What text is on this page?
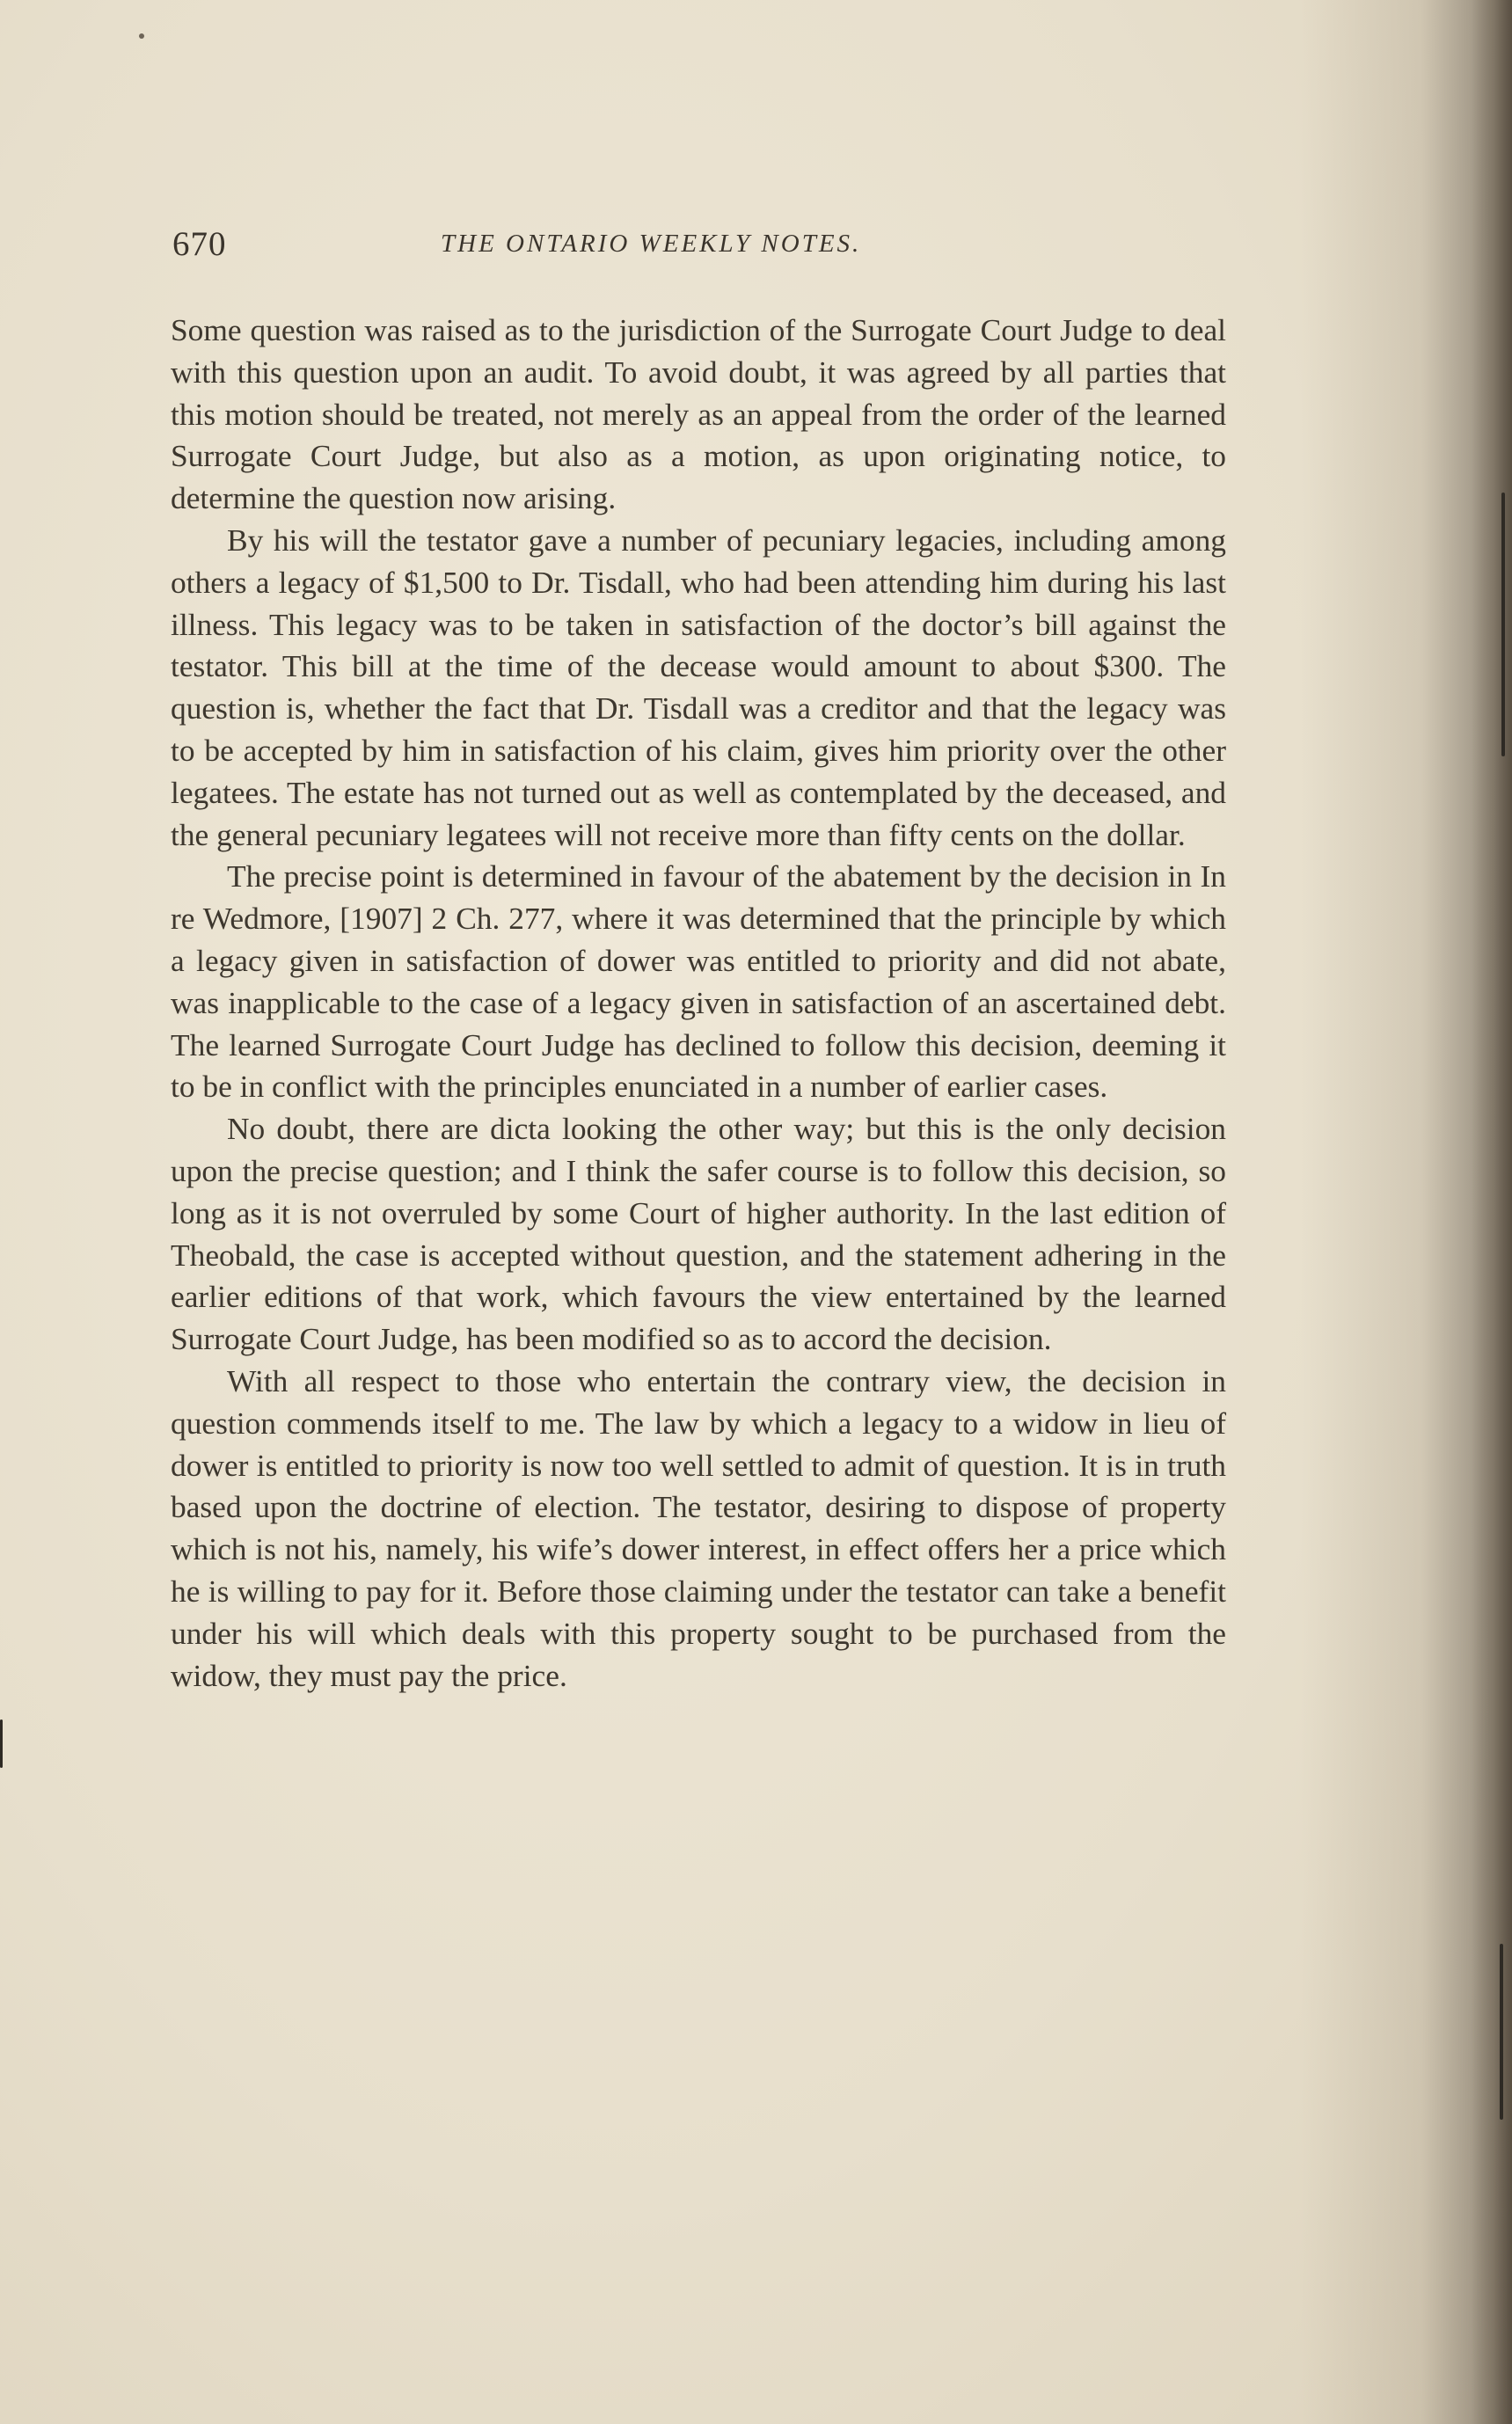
670	THE ONTARIO WEEKLY NOTES.

Some question was raised as to the jurisdiction of the Surrogate Court Judge to deal with this question upon an audit. To avoid doubt, it was agreed by all parties that this motion should be treated, not merely as an appeal from the order of the learned Surrogate Court Judge, but also as a motion, as upon originating notice, to determine the question now arising.

By his will the testator gave a number of pecuniary legacies, including among others a legacy of $1,500 to Dr. Tisdall, who had been attending him during his last illness. This legacy was to be taken in satisfaction of the doctor’s bill against the testator. This bill at the time of the decease would amount to about $300. The question is, whether the fact that Dr. Tisdall was a creditor and that the legacy was to be accepted by him in satisfaction of his claim, gives him priority over the other legatees. The estate has not turned out as well as contemplated by the deceased, and the general pecuniary legatees will not receive more than fifty cents on the dollar.

The precise point is determined in favour of the abatement by the decision in In re Wedmore, [1907] 2 Ch. 277, where it was determined that the principle by which a legacy given in satisfaction of dower was entitled to priority and did not abate, was inapplicable to the case of a legacy given in satisfaction of an ascertained debt. The learned Surrogate Court Judge has declined to follow this decision, deeming it to be in conflict with the principles enunciated in a number of earlier cases.

No doubt, there are dicta looking the other way; but this is the only decision upon the precise question; and I think the safer course is to follow this decision, so long as it is not overruled by some Court of higher authority. In the last edition of Theobald, the case is accepted without question, and the statement adhering in the earlier editions of that work, which favours the view entertained by the learned Surrogate Court Judge, has been modified so as to accord the decision.

With all respect to those who entertain the contrary view, the decision in question commends itself to me. The law by which a legacy to a widow in lieu of dower is entitled to priority is now too well settled to admit of question. It is in truth based upon the doctrine of election. The testator, desiring to dispose of property which is not his, namely, his wife’s dower interest, in effect offers her a price which he is willing to pay for it. Before those claiming under the testator can take a benefit under his will which deals with this property sought to be purchased from the widow, they must pay the price.
